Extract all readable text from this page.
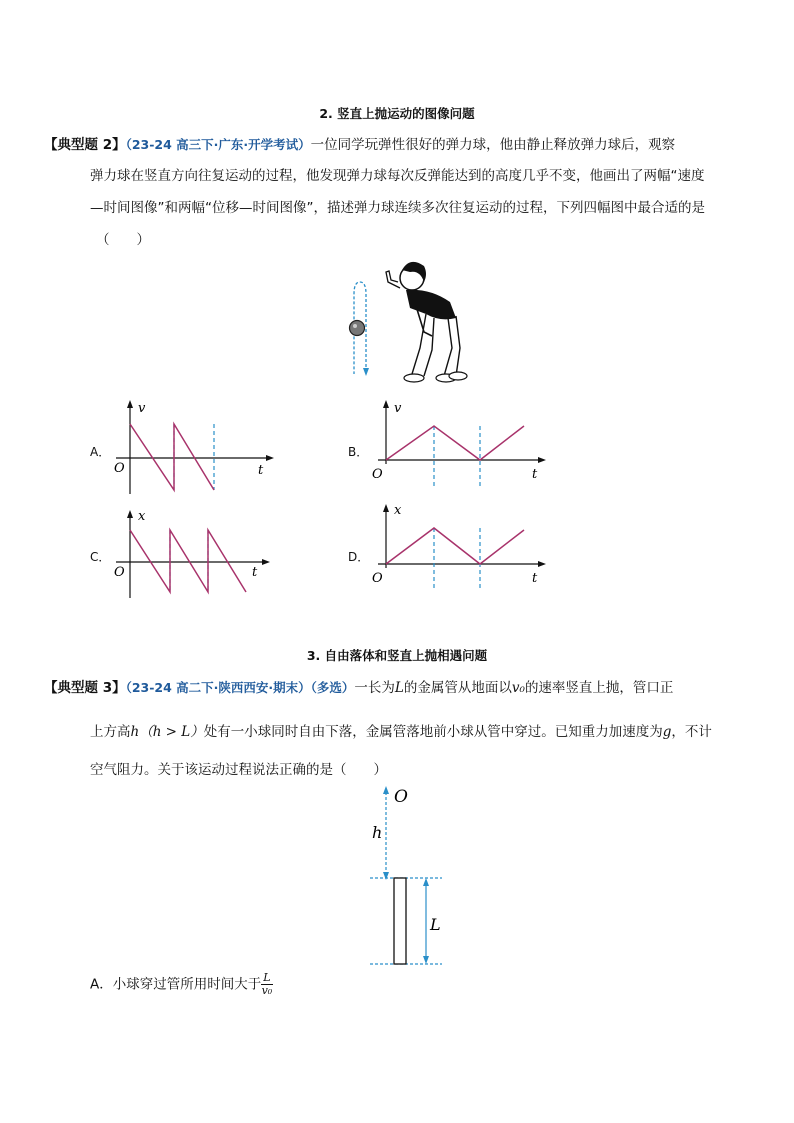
2. 竖直上抛运动的图像问题
【典型题 2】（23-24 高三下·广东·开学考试）一位同学玩弹性很好的弹力球，他由静止释放弹力球后，观察
弹力球在竖直方向往复运动的过程，他发现弹力球每次反弹能达到的高度几乎不变，他画出了两幅“速度
—时间图像”和两幅“位移—时间图像”，描述弹力球连续多次往复运动的过程，下列四幅图中最合适的是
（　　）
A．
v
t
O
B．
v
t
O
C．
x
t
O
D．
x
t
O
3. 自由落体和竖直上抛相遇问题
【典型题 3】（23-24 高二下·陕西西安·期末）（多选）一长为L的金属管从地面以v₀的速率竖直上抛，管口正
上方高h（h > L）处有一小球同时自由下落，金属管落地前小球从管中穿过。已知重力加速度为g，不计
空气阻力。关于该运动过程说法正确的是（　　）
O
h
L
A．小球穿过管所用时间大于 $\frac{L}{\text{v₀}}$
